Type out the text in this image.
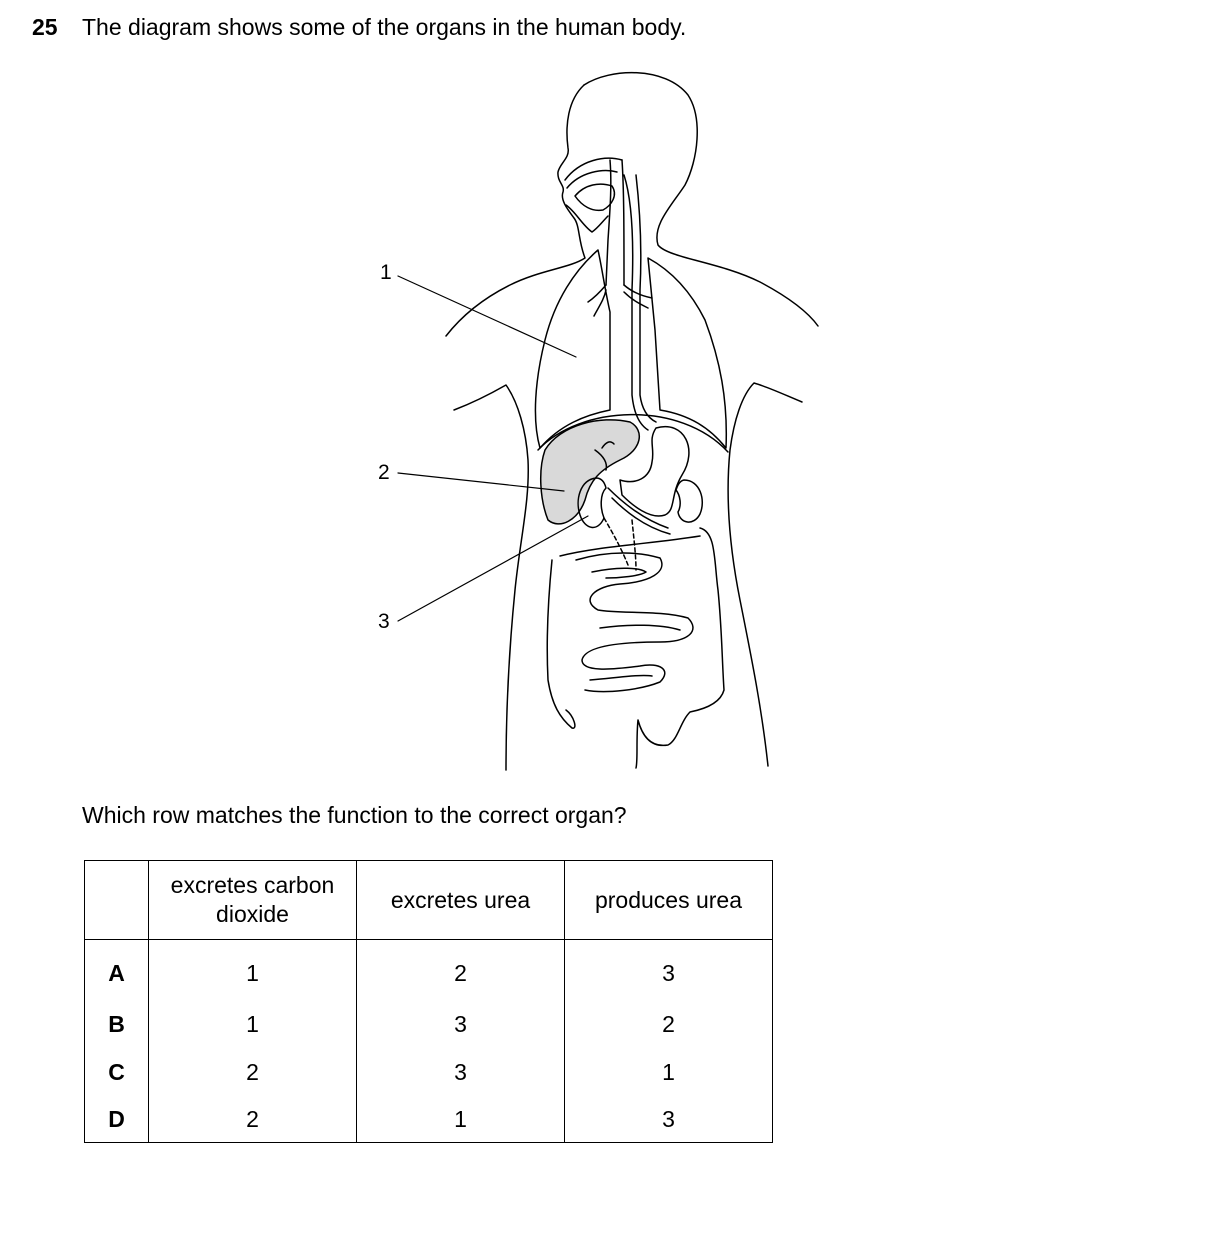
25 The diagram shows some of the organs in the human body.
1
2
3
Which row matches the function to the correct organ?
	excretes carbon dioxide	excretes urea	produces urea
A	1	2	3
B	1	3	2
C	2	3	1
D	2	1	3
